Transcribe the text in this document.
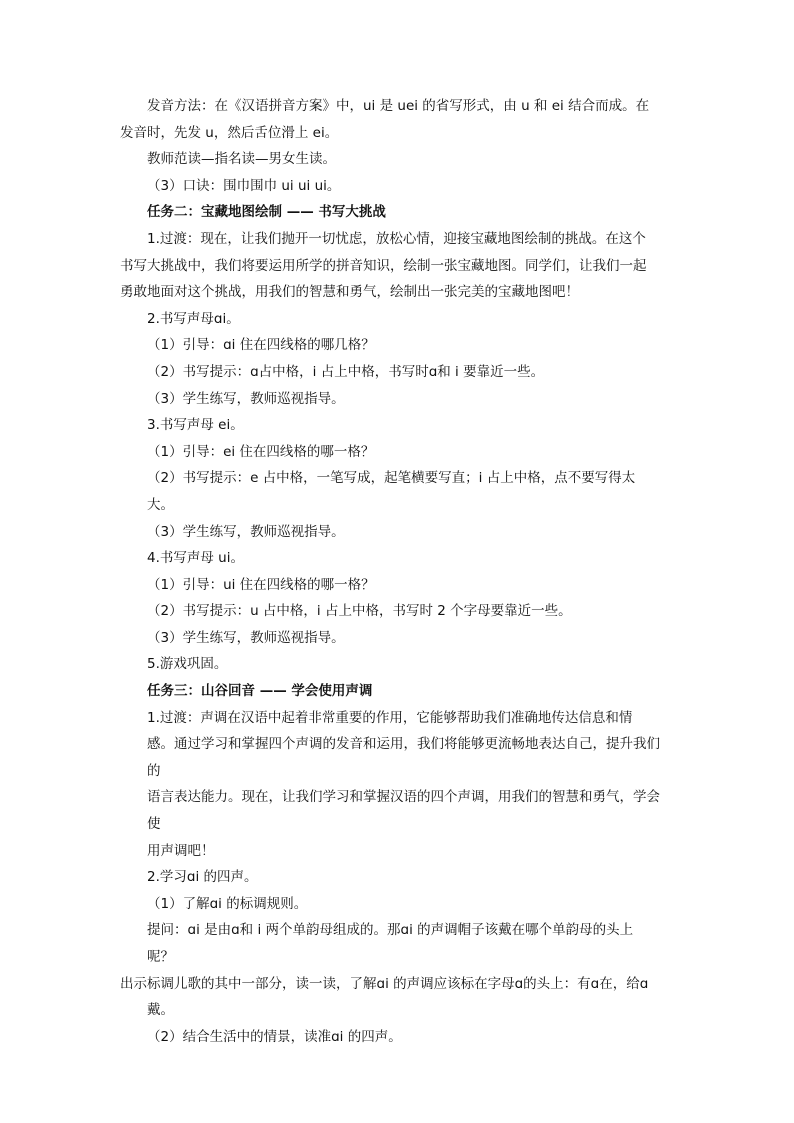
发音方法：在《汉语拼音方案》中，ui 是 uei 的省写形式，由 u 和 ei 结合而成。在

发音时，先发 u，然后舌位滑上 ei。

教师范读—指名读—男女生读。

（3）口诀：围巾围巾 ui ui ui。

任务二：宝藏地图绘制 —— 书写大挑战

1.过渡：现在，让我们抛开一切忧虑，放松心情，迎接宝藏地图绘制的挑战。在这个

书写大挑战中，我们将要运用所学的拼音知识，绘制一张宝藏地图。同学们，让我们一起

勇敢地面对这个挑战，用我们的智慧和勇气，绘制出一张完美的宝藏地图吧！

2.书写声母ɑi。

（1）引导：ɑi 住在四线格的哪几格？

（2）书写提示：ɑ占中格，i 占上中格，书写时ɑ和 i 要靠近一些。

（3）学生练写，教师巡视指导。

3.书写声母 ei。

（1）引导：ei 住在四线格的哪一格？

（2）书写提示：e 占中格，一笔写成，起笔横要写直；i 占上中格，点不要写得太

大。

（3）学生练写，教师巡视指导。

4.书写声母 ui。

（1）引导：ui 住在四线格的哪一格？

（2）书写提示：u 占中格，i 占上中格，书写时 2 个字母要靠近一些。

（3）学生练写，教师巡视指导。

5.游戏巩固。

任务三：山谷回音 —— 学会使用声调

1.过渡：声调在汉语中起着非常重要的作用，它能够帮助我们准确地传达信息和情

感。通过学习和掌握四个声调的发音和运用，我们将能够更流畅地表达自己，提升我们的

语言表达能力。现在，让我们学习和掌握汉语的四个声调，用我们的智慧和勇气，学会使

用声调吧！

2.学习ɑi 的四声。

（1）了解ɑi 的标调规则。

提问：ɑi 是由ɑ和 i 两个单韵母组成的。那ɑi 的声调帽子该戴在哪个单韵母的头上

呢？

出示标调儿歌的其中一部分，读一读，了解ɑi 的声调应该标在字母ɑ的头上：有ɑ在，给ɑ

戴。

（2）结合生活中的情景，读准ɑi 的四声。
